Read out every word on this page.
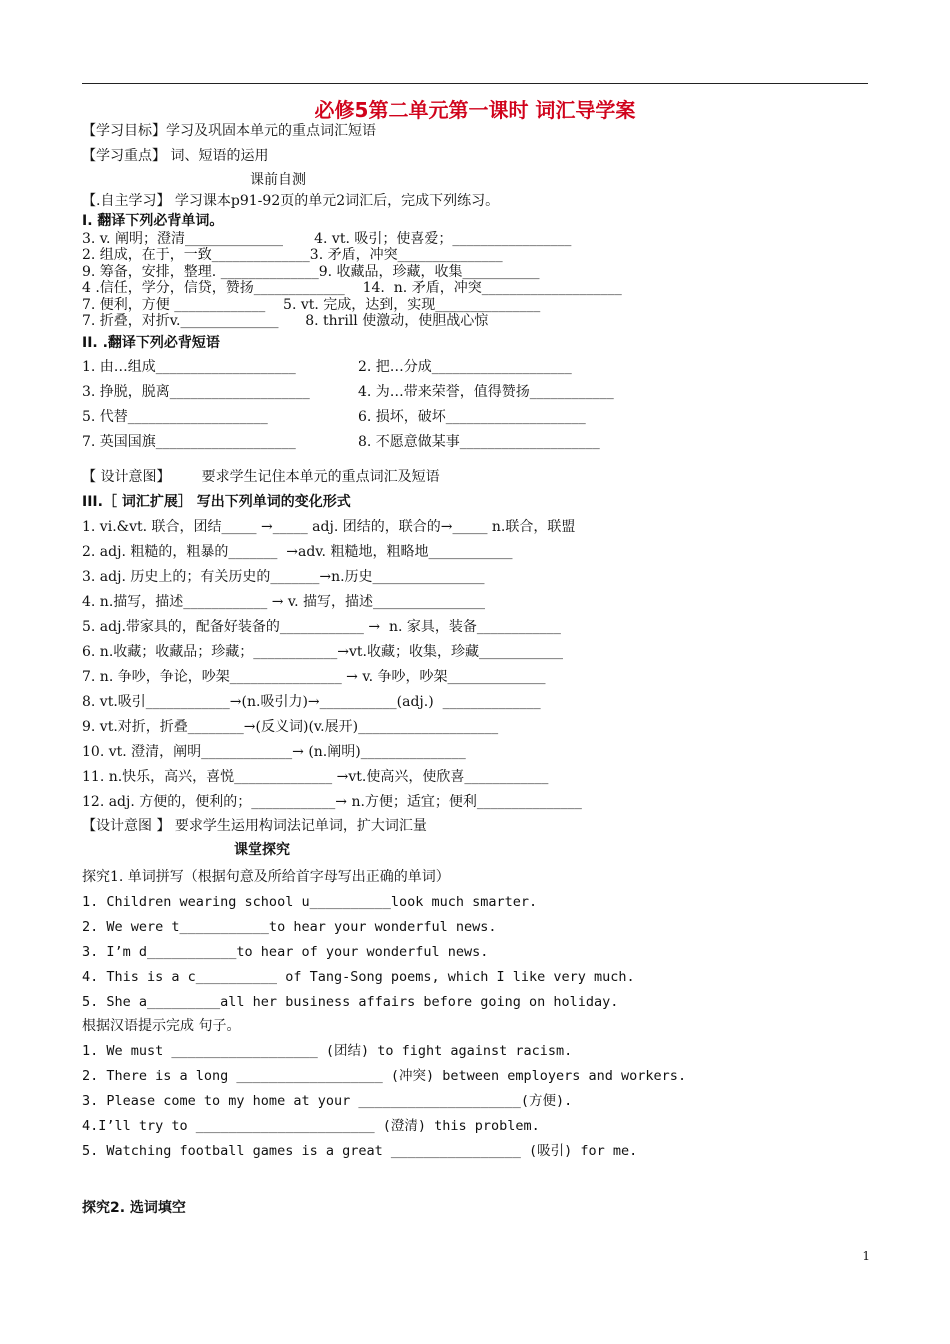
必修5第二单元第一课时 词汇导学案
【学习目标】学习及巩固本单元的重点词汇短语
【学习重点】 词、短语的运用
课前自测
【.自主学习】 学习课本p91-92页的单元2词汇后，完成下列练习。
I. 翻译下列必背单词。
3. v. 阐明；澄清______________       4. vt. 吸引；使喜爱；_________________
2. 组成，在于，一致______________3. 矛盾，冲突_______________
9. 筹备，安排，整理. ______________9. 收藏品，珍藏，收集___________
4 .信任，学分，信贷，赞扬_____________    14.  n. 矛盾，冲突____________________
7. 便利，方便 _____________    5. vt. 完成，达到，实现_______________
7. 折叠，对折v.______________      8. thrill 使激动，使胆战心惊
II. .翻译下列必背短语
1. 由…组成____________________
3. 挣脱，脱离____________________
5. 代替____________________
7. 英国国旗____________________
2. 把…分成____________________
4. 为…带来荣誉，值得赞扬____________
6. 损坏，破坏____________________
8. 不愿意做某事____________________
【 设计意图】       要求学生记住本单元的重点词汇及短语
III.［ 词汇扩展］ 写出下列单词的变化形式
1. vi.&vt. 联合，团结_____ →_____ adj. 团结的，联合的→_____ n.联合，联盟
2. adj. 粗糙的，粗暴的_______  →adv. 粗糙地，粗略地____________
3. adj. 历史上的；有关历史的_______→n.历史________________
4. n.描写，描述____________ → v. 描写，描述________________
5. adj.带家具的，配备好装备的____________ →  n. 家具，装备____________
6. n.收藏；收藏品；珍藏；____________→vt.收藏；收集，珍藏____________
7. n. 争吵，争论，吵架________________ → v. 争吵，吵架______________
8. vt.吸引____________→(n.吸引力)→___________(adj.)  ______________
9. vt.对折，折叠________→(反义词)(v.展开)____________________
10. vt. 澄清，阐明_____________→ (n.阐明)_______________
11. n.快乐，高兴，喜悦______________ →vt.使高兴，使欣喜____________
12. adj. 方便的，便利的；____________→ n.方便；适宜；便利_______________
【设计意图 】 要求学生运用构词法记单词，扩大词汇量
课堂探究
探究1. 单词拼写（根据句意及所给首字母写出正确的单词）
1. Children wearing school u__________look much smarter.
2. We were t___________to hear your wonderful news.
3. I’m d___________to hear of your wonderful news.
4. This is a c__________ of Tang-Song poems, which I like very much.
5. She a_________all her business affairs before going on holiday.
根据汉语提示完成 句子。
1. We must __________________ (团结) to fight against racism.
2. There is a long __________________ (冲突) between employers and workers.
3. Please come to my home at your ____________________(方便).
4.I’ll try to ______________________ (澄清) this problem.
5. Watching football games is a great ________________ (吸引) for me.
探究2. 选词填空
1
